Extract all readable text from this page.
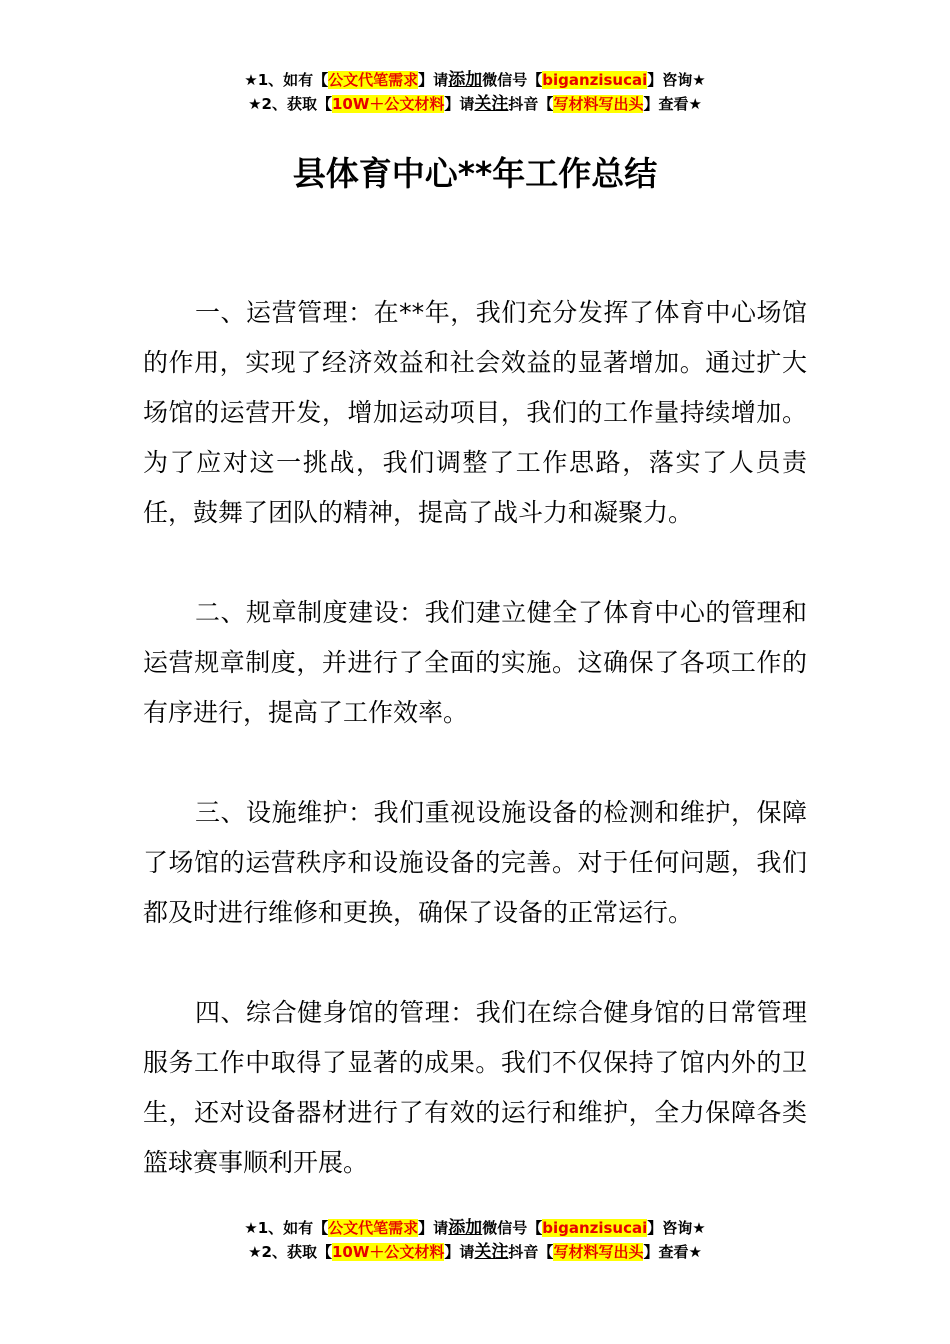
★1、如有【公文代笔需求】请添加微信号【biganzisucai】咨询★
★2、获取【10W＋公文材料】请关注抖音【写材料写出头】查看★
县体育中心**年工作总结

一、运营管理：在**年，我们充分发挥了体育中心场馆的作用，实现了经济效益和社会效益的显著增加。通过扩大场馆的运营开发，增加运动项目，我们的工作量持续增加。为了应对这一挑战，我们调整了工作思路，落实了人员责任，鼓舞了团队的精神，提高了战斗力和凝聚力。

二、规章制度建设：我们建立健全了体育中心的管理和运营规章制度，并进行了全面的实施。这确保了各项工作的有序进行，提高了工作效率。

三、设施维护：我们重视设施设备的检测和维护，保障了场馆的运营秩序和设施设备的完善。对于任何问题，我们都及时进行维修和更换，确保了设备的正常运行。

四、综合健身馆的管理：我们在综合健身馆的日常管理服务工作中取得了显著的成果。我们不仅保持了馆内外的卫生，还对设备器材进行了有效的运行和维护，全力保障各类篮球赛事顺利开展。

★1、如有【公文代笔需求】请添加微信号【biganzisucai】咨询★
★2、获取【10W＋公文材料】请关注抖音【写材料写出头】查看★
